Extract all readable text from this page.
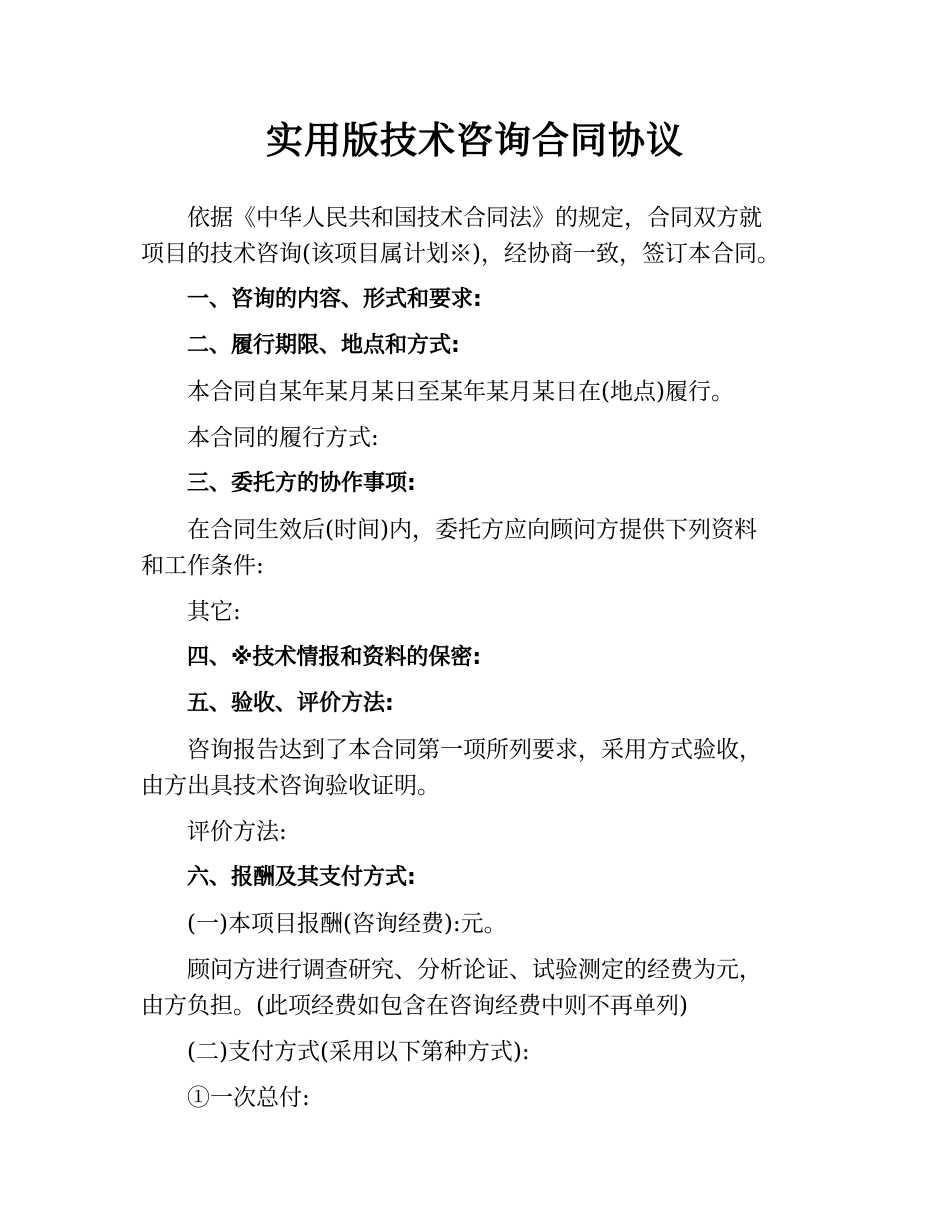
实用版技术咨询合同协议

依据《中华人民共和国技术合同法》的规定，合同双方就
项目的技术咨询(该项目属计划※)，经协商一致，签订本合同。

一、咨询的内容、形式和要求:

二、履行期限、地点和方式:

本合同自某年某月某日至某年某月某日在(地点)履行。

本合同的履行方式:

三、委托方的协作事项:

在合同生效后(时间)内，委托方应向顾问方提供下列资料
和工作条件:

其它:

四、※技术情报和资料的保密:

五、验收、评价方法:

咨询报告达到了本合同第一项所列要求，采用方式验收，
由方出具技术咨询验收证明。

评价方法:

六、报酬及其支付方式:

(一)本项目报酬(咨询经费):元。

顾问方进行调查研究、分析论证、试验测定的经费为元，
由方负担。(此项经费如包含在咨询经费中则不再单列)

(二)支付方式(采用以下第种方式):

①一次总付:
